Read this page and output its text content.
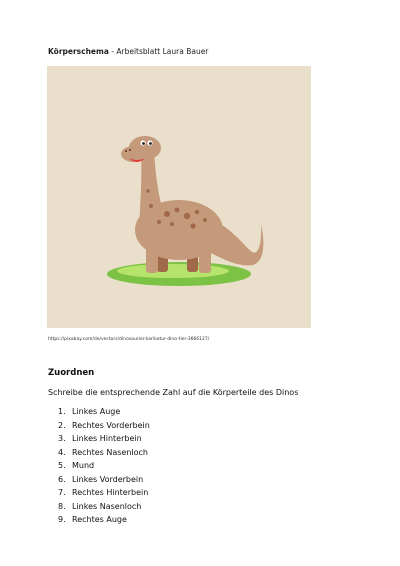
Körperschema - Arbeitsblatt Laura Bauer
https://pixabay.com/de/vectors/dinosaurier-karikatur-dino-tier-3666127/
Zuordnen
Schreibe die entsprechende Zahl auf die Körperteile des Dinos
1. Linkes Auge
2. Rechtes Vorderbein
3. Linkes Hinterbein
4. Rechtes Nasenloch
5. Mund
6. Linkes Vorderbein
7. Rechtes Hinterbein
8. Linkes Nasenloch
9. Rechtes Auge
